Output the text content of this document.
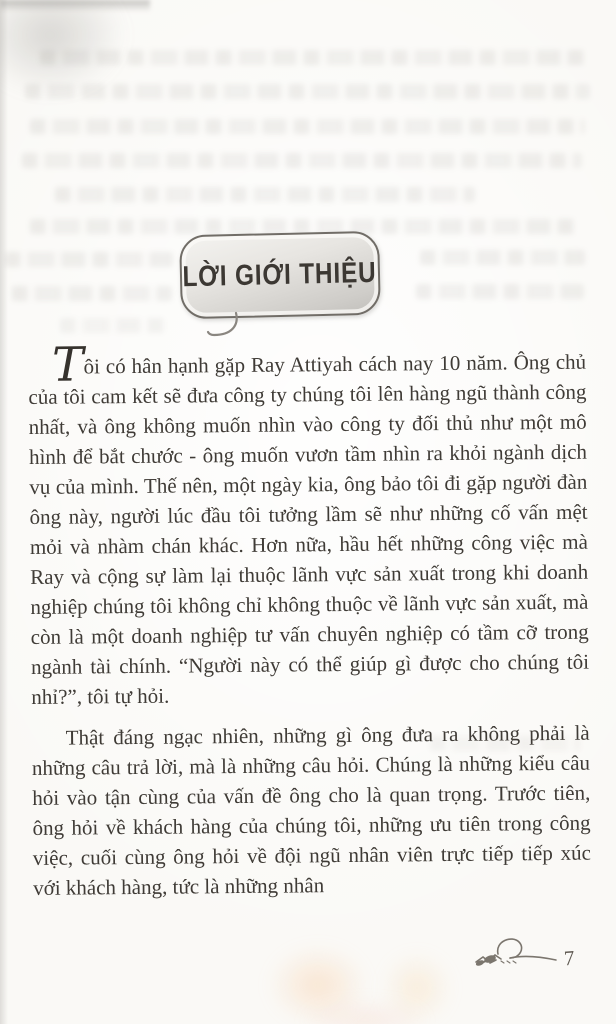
LỜI GIỚI THIỆU

Tôi có hân hạnh gặp Ray Attiyah cách nay 10 năm. Ông chủ của tôi cam kết sẽ đưa công ty chúng tôi lên hàng ngũ thành công nhất, và ông không muốn nhìn vào công ty đối thủ như một mô hình để bắt chước - ông muốn vươn tầm nhìn ra khỏi ngành dịch vụ của mình. Thế nên, một ngày kia, ông bảo tôi đi gặp người đàn ông này, người lúc đầu tôi tưởng lầm sẽ như những cố vấn mệt mỏi và nhàm chán khác. Hơn nữa, hầu hết những công việc mà Ray và cộng sự làm lại thuộc lãnh vực sản xuất trong khi doanh nghiệp chúng tôi không chỉ không thuộc về lãnh vực sản xuất, mà còn là một doanh nghiệp tư vấn chuyên nghiệp có tầm cỡ trong ngành tài chính. “Người này có thể giúp gì được cho chúng tôi nhỉ?”, tôi tự hỏi.

Thật đáng ngạc nhiên, những gì ông đưa ra không phải là những câu trả lời, mà là những câu hỏi. Chúng là những kiểu câu hỏi vào tận cùng của vấn đề ông cho là quan trọng. Trước tiên, ông hỏi về khách hàng của chúng tôi, những ưu tiên trong công việc, cuối cùng ông hỏi về đội ngũ nhân viên trực tiếp tiếp xúc với khách hàng, tức là những nhân

7
